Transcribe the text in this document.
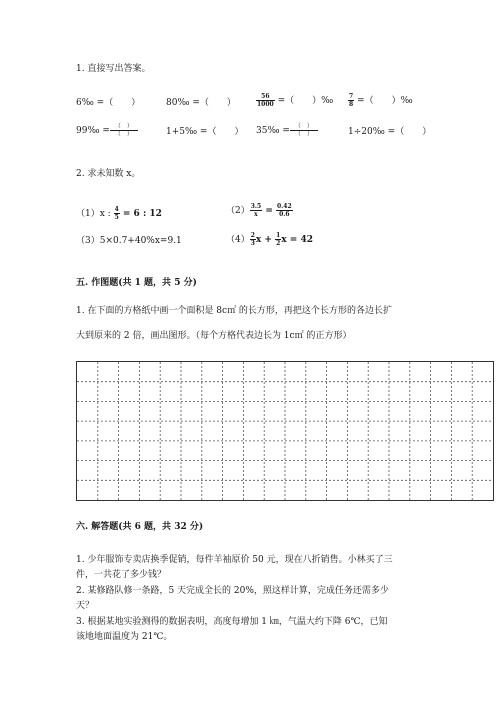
1. 直接写出答案。
6‰ =（　　）	80‰ =（　　）	$\frac{56}{1000}$ =（　　）‰ $\frac{7}{8}$ =（　　）‰
99‰ = $\frac{( )}{( )}$	1+5‰ =（　　） 35‰ = $\frac{( )}{( )}$	1÷20‰ =（　　）
2. 求未知数 x。
（1）x : $\frac{4}{5} = 6$ : 12	$(2) \frac{3.5}{x} = \frac{0.42}{0.6}$
（3）5×0.7+40%x=9.1	$(4) \frac{2}{3}$ $x + \frac{1}{2}$ x = 42
五. 作图题(共 1 题，共 5 分)
1. 在下面的方格纸中画一个面积是 8c㎡ 的长方形，再把这个长方形的各边长扩
大到原来的 2 倍，画出图形。（每个方格代表边长为 1c㎡ 的正方形）
六. 解答题(共 6 题，共 32 分)
1. 少年服饰专卖店换季促销，每件羊袖原价 50 元，现在八折销售。小林买了三
件，一共花了多少钱？
2. 某修路队修一条路，5 天完成全长的 20%，照这样计算，完成任务还需多少
天？
3. 根据某地实验测得的数据表明，高度每增加 1 ㎞，气温大约下降 6℃，已知
该地地面温度为 21℃。
